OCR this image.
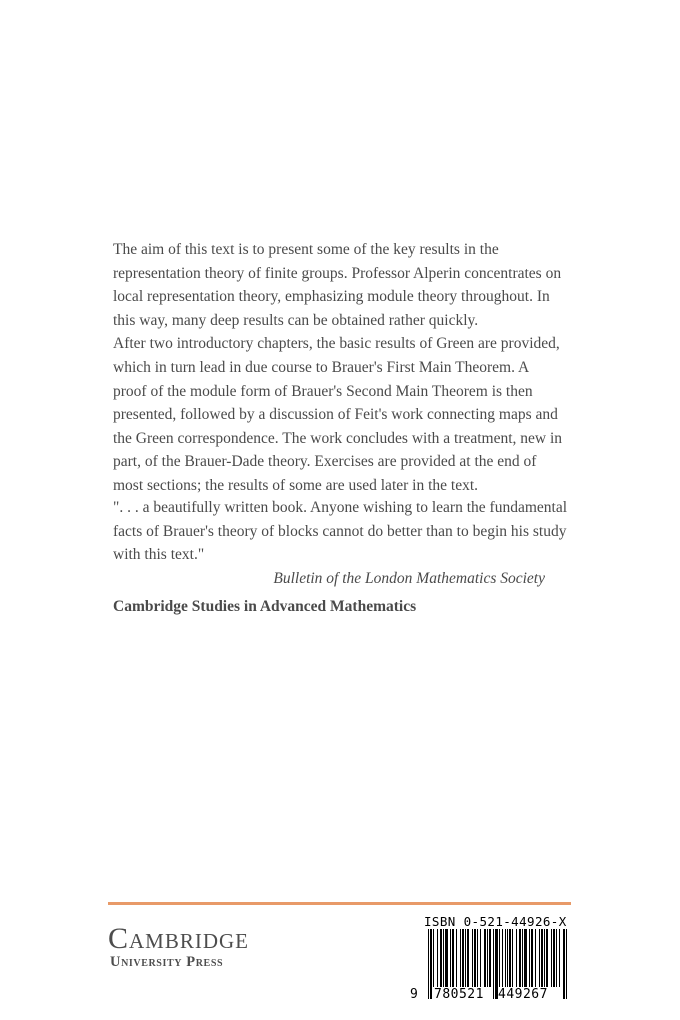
The aim of this text is to present some of the key results in the representation theory of finite groups. Professor Alperin concentrates on local representation theory, emphasizing module theory throughout. In this way, many deep results can be obtained rather quickly.

After two introductory chapters, the basic results of Green are provided, which in turn lead in due course to Brauer's First Main Theorem. A proof of the module form of Brauer's Second Main Theorem is then presented, followed by a discussion of Feit's work connecting maps and the Green correspondence. The work concludes with a treatment, new in part, of the Brauer-Dade theory. Exercises are provided at the end of most sections; the results of some are used later in the text.

". . . a beautifully written book. Anyone wishing to learn the fundamental facts of Brauer's theory of blocks cannot do better than to begin his study with this text."

Bulletin of the London Mathematics Society
Cambridge Studies in Advanced Mathematics
Cambridge
University Press
ISBN 0-521-44926-X
9 780521 449267
